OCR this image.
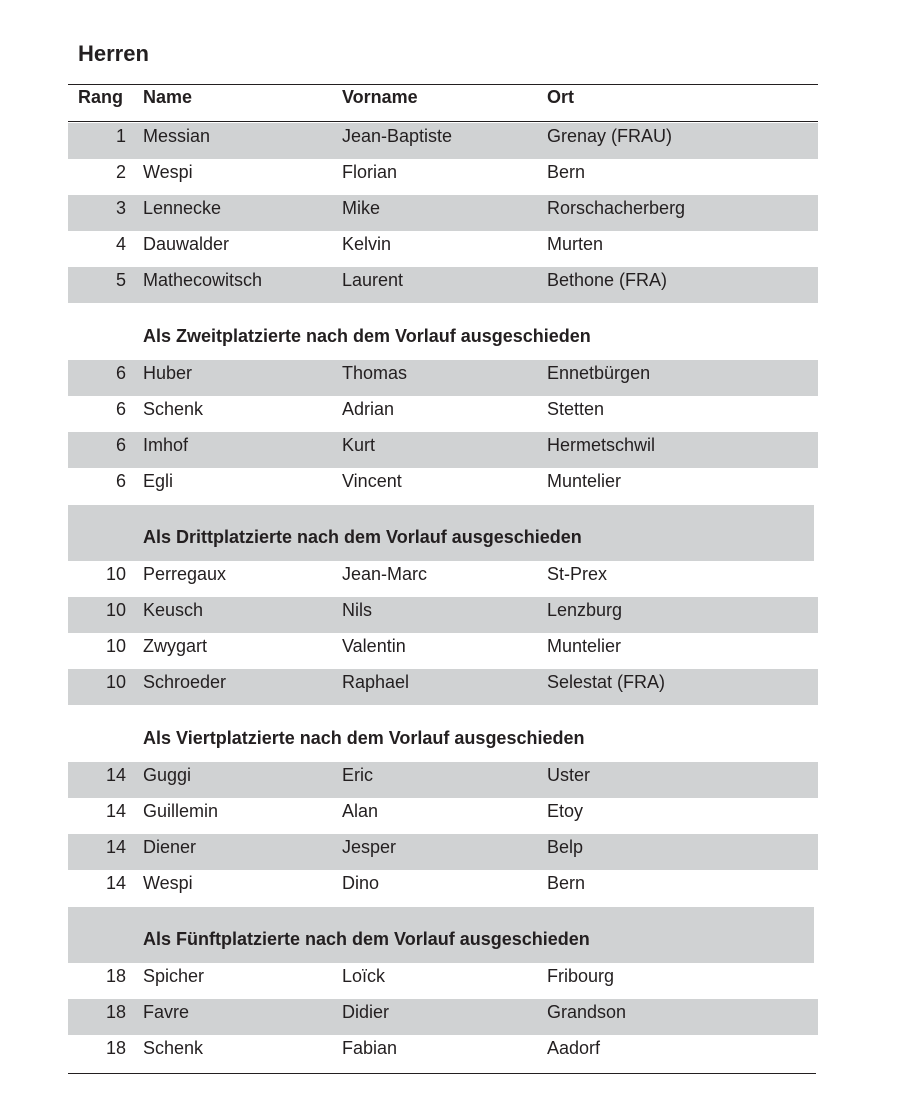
Herren
Rang Name	Vorname	Ort
1 Messian	Jean-Baptiste	Grenay (FRAU)
2 Wespi	Florian	Bern
3 Lennecke	Mike	Rorschacherberg
4 Dauwalder	Kelvin	Murten
5 Mathecowitsch	Laurent	Bethone (FRA)
Als Zweitplatzierte nach dem Vorlauf ausgeschieden
6 Huber	Thomas	Ennetbürgen
6 Schenk	Adrian	Stetten
6 Imhof	Kurt	Hermetschwil
6 Egli	Vincent	Muntelier
Als Drittplatzierte nach dem Vorlauf ausgeschieden
10 Perregaux	Jean-Marc	St-Prex
10 Keusch	Nils	Lenzburg
10 Zwygart	Valentin	Muntelier
10 Schroeder	Raphael	Selestat (FRA)
Als Viertplatzierte nach dem Vorlauf ausgeschieden
14 Guggi	Eric	Uster
14 Guillemin	Alan	Etoy
14 Diener	Jesper	Belp
14 Wespi	Dino	Bern
Als Fünftplatzierte nach dem Vorlauf ausgeschieden
18 Spicher	Loïck	Fribourg
18 Favre	Didier	Grandson
18 Schenk	Fabian	Aadorf
